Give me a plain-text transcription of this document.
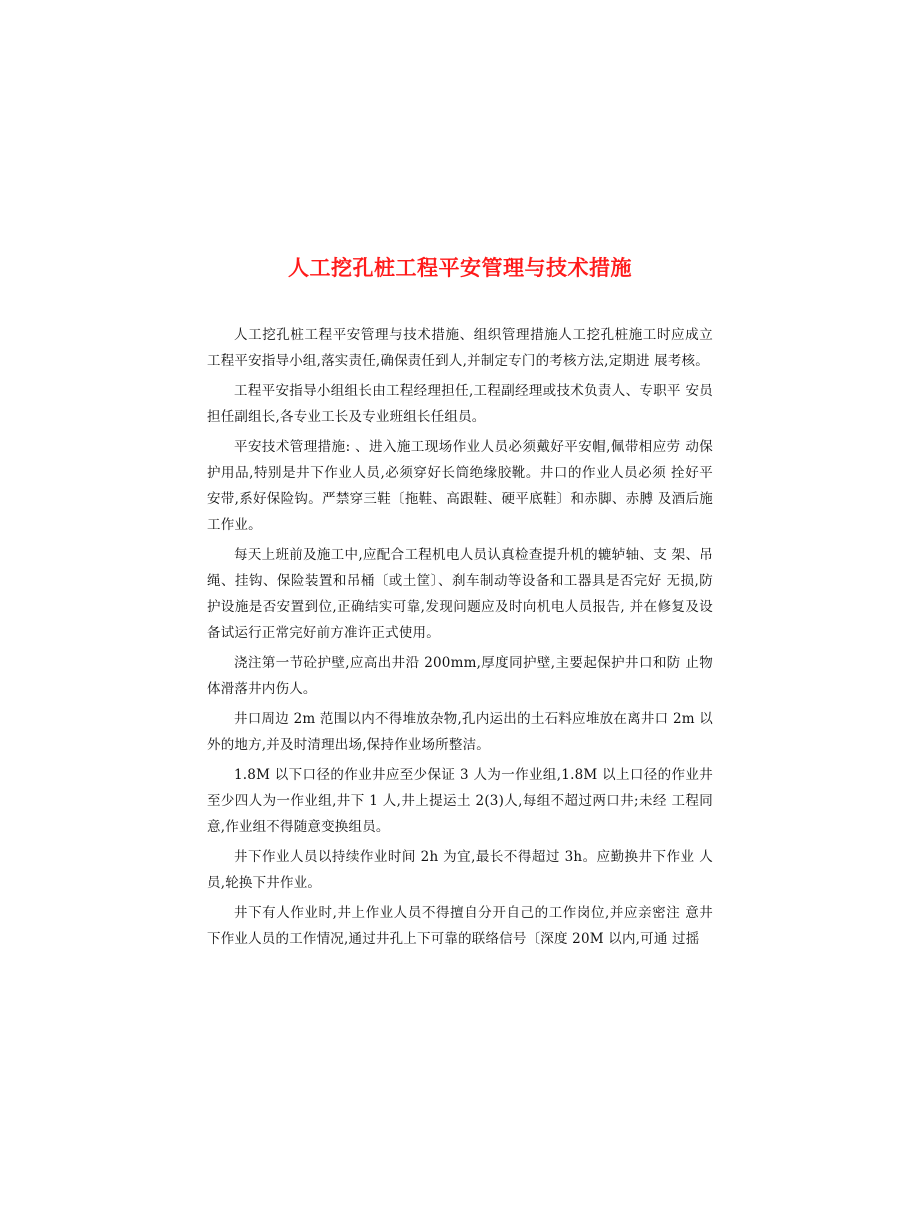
人工挖孔桩工程平安管理与技术措施

人工挖孔桩工程平安管理与技术措施、组织管理措施人工挖孔桩施工时应成立工程平安指导小组,落实责任,确保责任到人,并制定专门的考核方法,定期进 展考核。

工程平安指导小组组长由工程经理担任,工程副经理或技术负责人、专职平 安员担任副组长,各专业工长及专业班组长任组员。

平安技术管理措施: 、进入施工现场作业人员必须戴好平安帽,佩带相应劳 动保护用品,特别是井下作业人员,必须穿好长筒绝缘胶靴。井口的作业人员必须 拴好平安带,系好保险钩。严禁穿三鞋〔拖鞋、高跟鞋、硬平底鞋〕和赤脚、赤膊 及酒后施工作业。

每天上班前及施工中,应配合工程机电人员认真检查提升机的辘轳轴、支 架、吊绳、挂钩、保险装置和吊桶〔或土筐〕、刹车制动等设备和工器具是否完好 无损,防护设施是否安置到位,正确结实可靠,发现问题应及时向机电人员报告, 并在修复及设备试运行正常完好前方准许正式使用。

浇注第一节砼护壁,应高出井沿 200mm,厚度同护壁,主要起保护井口和防 止物体滑落井内伤人。

井口周边 2m 范围以内不得堆放杂物,孔内运出的土石料应堆放在离井口 2m 以外的地方,并及时清理出场,保持作业场所整洁。

1.8M 以下口径的作业井应至少保证 3 人为一作业组,1.8M 以上口径的作业井至少四人为一作业组,井下 1 人,井上提运土 2(3)人,每组不超过两口井;未经 工程同意,作业组不得随意变换组员。

井下作业人员以持续作业时间 2h 为宜,最长不得超过 3h。应勤换井下作业 人员,轮换下井作业。

井下有人作业时,井上作业人员不得擅自分开自己的工作岗位,并应亲密注 意井下作业人员的工作情况,通过井孔上下可靠的联络信号〔深度 20M 以内,可通 过摇
